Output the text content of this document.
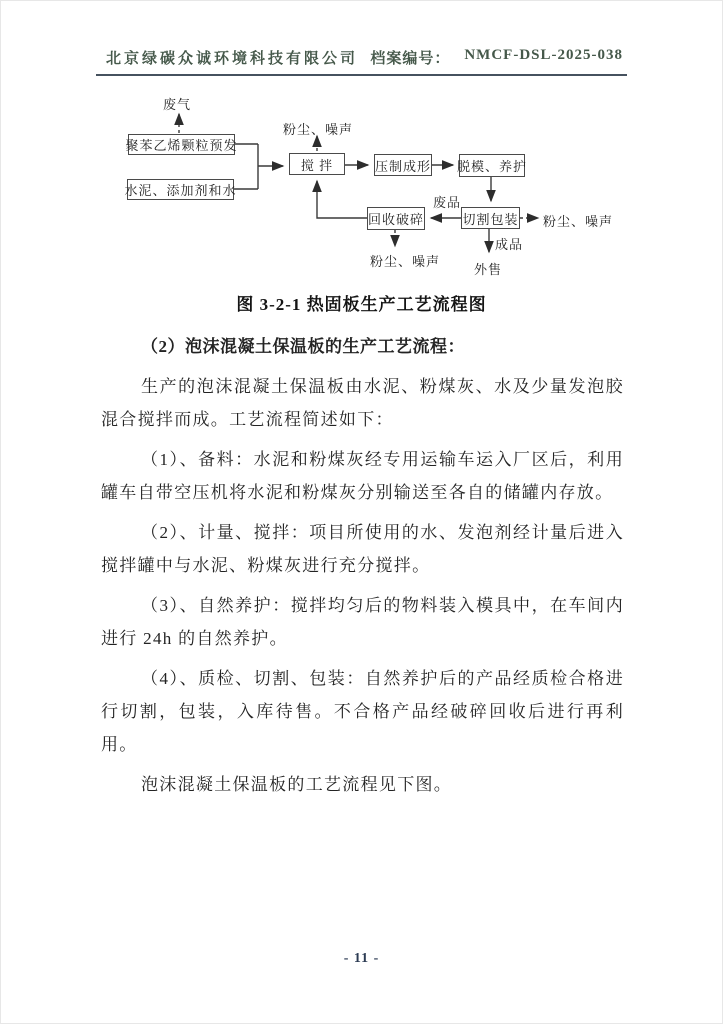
北京绿碳众诚环境科技有限公司 档案编号： NMCF-DSL-2025-038
聚苯乙烯颗粒预发
水泥、添加剂和水
搅 拌	压制成形 脱模、养护
切割包装
回收破碎
废气
粉尘、噪声
废品
粉尘、噪声
成品
外售
粉尘、噪声
图 3-2-1 热固板生产工艺流程图

（2）泡沫混凝土保温板的生产工艺流程：

生产的泡沫混凝土保温板由水泥、粉煤灰、水及少量发泡胶混合搅拌而成。工艺流程简述如下：

（1）、备料：水泥和粉煤灰经专用运输车运入厂区后，利用罐车自带空压机将水泥和粉煤灰分别输送至各自的储罐内存放。

（2）、计量、搅拌：项目所使用的水、发泡剂经计量后进入搅拌罐中与水泥、粉煤灰进行充分搅拌。

（3）、自然养护：搅拌均匀后的物料装入模具中，在车间内进行 24h 的自然养护。

（4）、质检、切割、包装：自然养护后的产品经质检合格进行切割，包装，入库待售。不合格产品经破碎回收后进行再利用。

泡沫混凝土保温板的工艺流程见下图。

- 11 -
